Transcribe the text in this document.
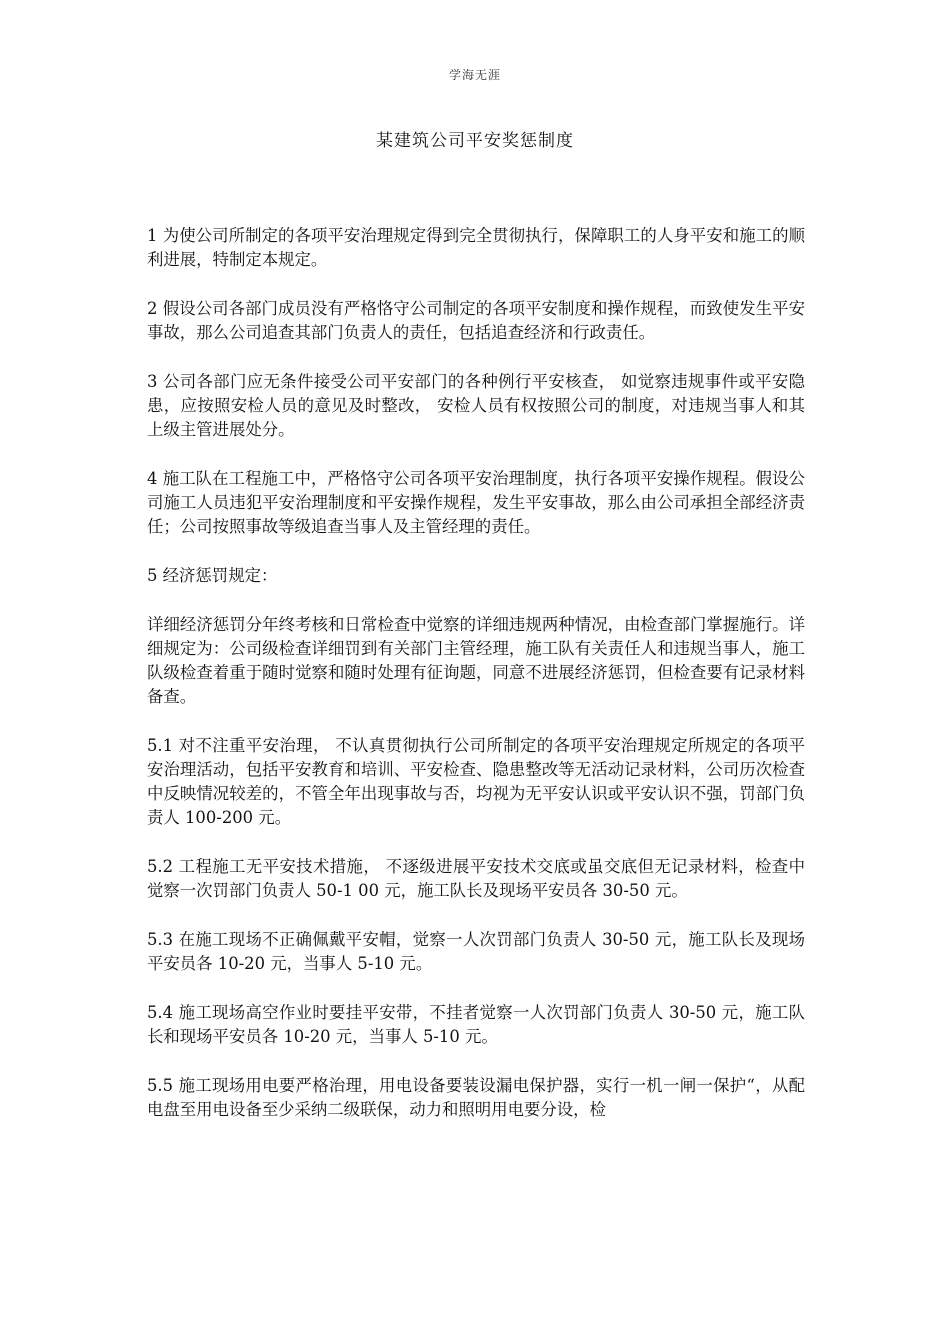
学海无涯
某建筑公司平安奖惩制度

1 为使公司所制定的各项平安治理规定得到完全贯彻执行，保障职工的人身平安和施工的顺利进展，特制定本规定。

2 假设公司各部门成员没有严格恪守公司制定的各项平安制度和操作规程，而致使发生平安事故，那么公司追查其部门负责人的责任，包括追查经济和行政责任。

3 公司各部门应无条件接受公司平安部门的各种例行平安核查， 如觉察违规事件或平安隐患，应按照安检人员的意见及时整改， 安检人员有权按照公司的制度，对违规当事人和其上级主管进展处分。

4 施工队在工程施工中，严格恪守公司各项平安治理制度，执行各项平安操作规程。假设公司施工人员违犯平安治理制度和平安操作规程，发生平安事故，那么由公司承担全部经济责任；公司按照事故等级追查当事人及主管经理的责任。

5 经济惩罚规定：

详细经济惩罚分年终考核和日常检查中觉察的详细违规两种情况，由检查部门掌握施行。详细规定为：公司级检查详细罚到有关部门主管经理，施工队有关责任人和违规当事人，施工队级检查着重于随时觉察和随时处理有征询题，同意不进展经济惩罚，但检查要有记录材料备查。

5.1 对不注重平安治理， 不认真贯彻执行公司所制定的各项平安治理规定所规定的各项平安治理活动，包括平安教育和培训、平安检查、隐患整改等无活动记录材料，公司历次检查中反映情况较差的，不管全年出现事故与否，均视为无平安认识或平安认识不强，罚部门负责人 100-200 元。

5.2 工程施工无平安技术措施， 不逐级进展平安技术交底或虽交底但无记录材料，检查中觉察一次罚部门负责人 50-1 00 元，施工队长及现场平安员各 30-50 元。

5.3 在施工现场不正确佩戴平安帽，觉察一人次罚部门负责人 30-50 元，施工队长及现场平安员各 10-20 元，当事人 5-10 元。

5.4 施工现场高空作业时要挂平安带，不挂者觉察一人次罚部门负责人 30-50 元，施工队长和现场平安员各 10-20 元，当事人 5-10 元。

5.5 施工现场用电要严格治理，用电设备要装设漏电保护器，实行一机一闸一保护“，从配电盘至用电设备至少采纳二级联保，动力和照明用电要分设，检
